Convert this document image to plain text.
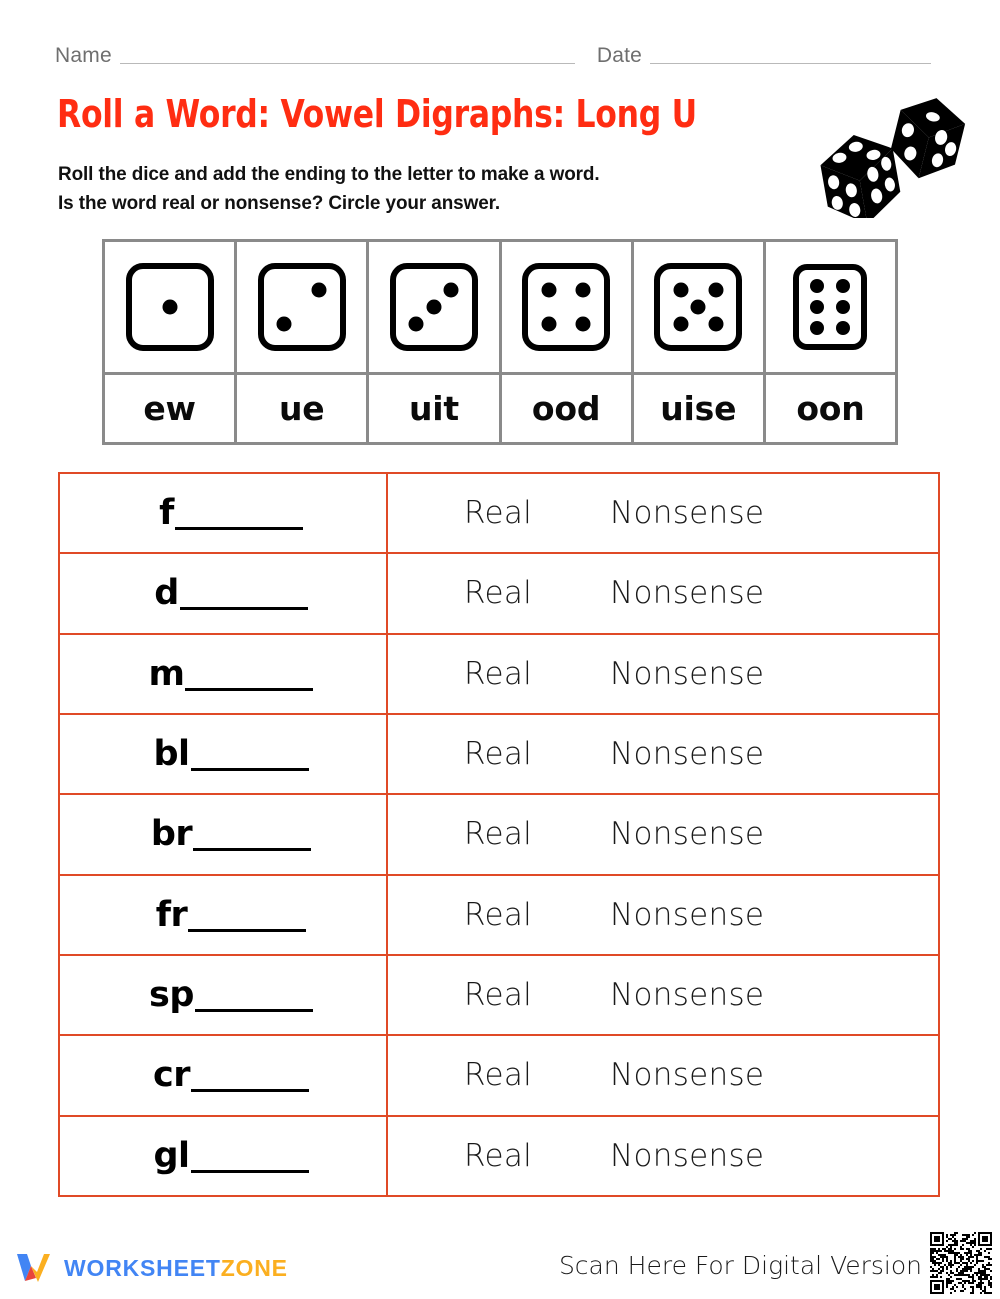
Name	Date
Roll a Word: Vowel Digraphs: Long U
Roll the dice and add the ending to the letter to make a word.
Is the word real or nonsense? Circle your answer.
ew	ue	uit ood uise oon
f	Real	Nonsense
d	Real	Nonsense
m	Real	Nonsense
bl	Real	Nonsense
br	Real	Nonsense
fr	Real	Nonsense
sp	Real	Nonsense
cr	Real	Nonsense
gl	Real	Nonsense
WORKSHEETZONE	Scan Here For Digital Version
